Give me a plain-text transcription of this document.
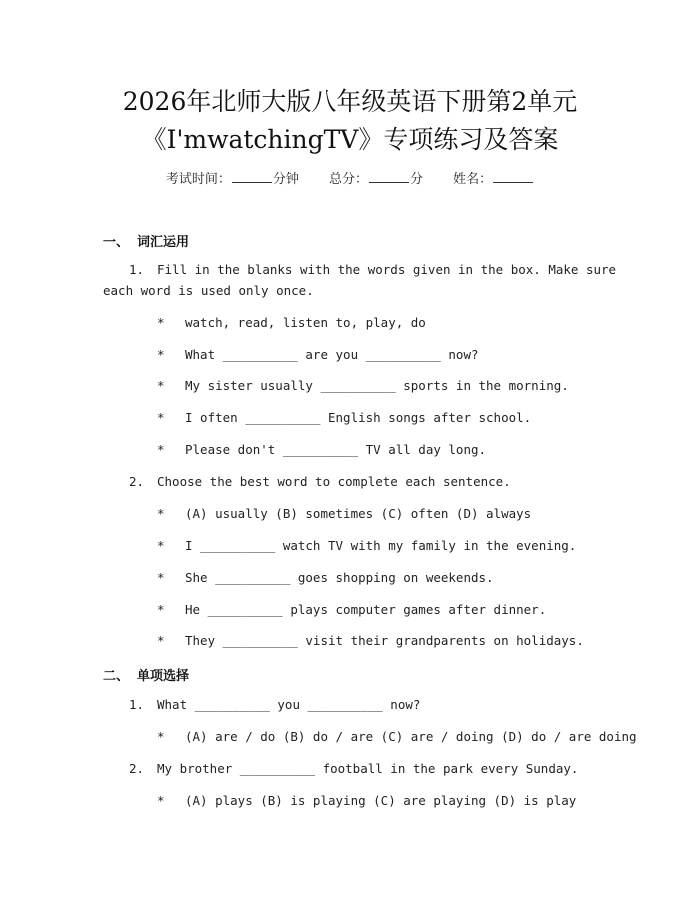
2026年北师大版八年级英语下册第2单元
《I'mwatchingTV》专项练习及答案
考试时间：	分钟 总分：	分 姓名：
一、 词汇运用
1. Fill in the blanks with the words given in the box. Make sure
each word is used only once.
* watch, read, listen to, play, do
* What __________ are you __________ now?
* My sister usually __________ sports in the morning.
* I often __________ English songs after school.
* Please don't __________ TV all day long.
2. Choose the best word to complete each sentence.
* (A) usually (B) sometimes (C) often (D) always
* I __________ watch TV with my family in the evening.
* She __________ goes shopping on weekends.
* He __________ plays computer games after dinner.
* They __________ visit their grandparents on holidays.
二、 单项选择
1. What __________ you __________ now?
* (A) are / do (B) do / are (C) are / doing (D) do / are doing
2. My brother __________ football in the park every Sunday.
* (A) plays (B) is playing (C) are playing (D) is play
